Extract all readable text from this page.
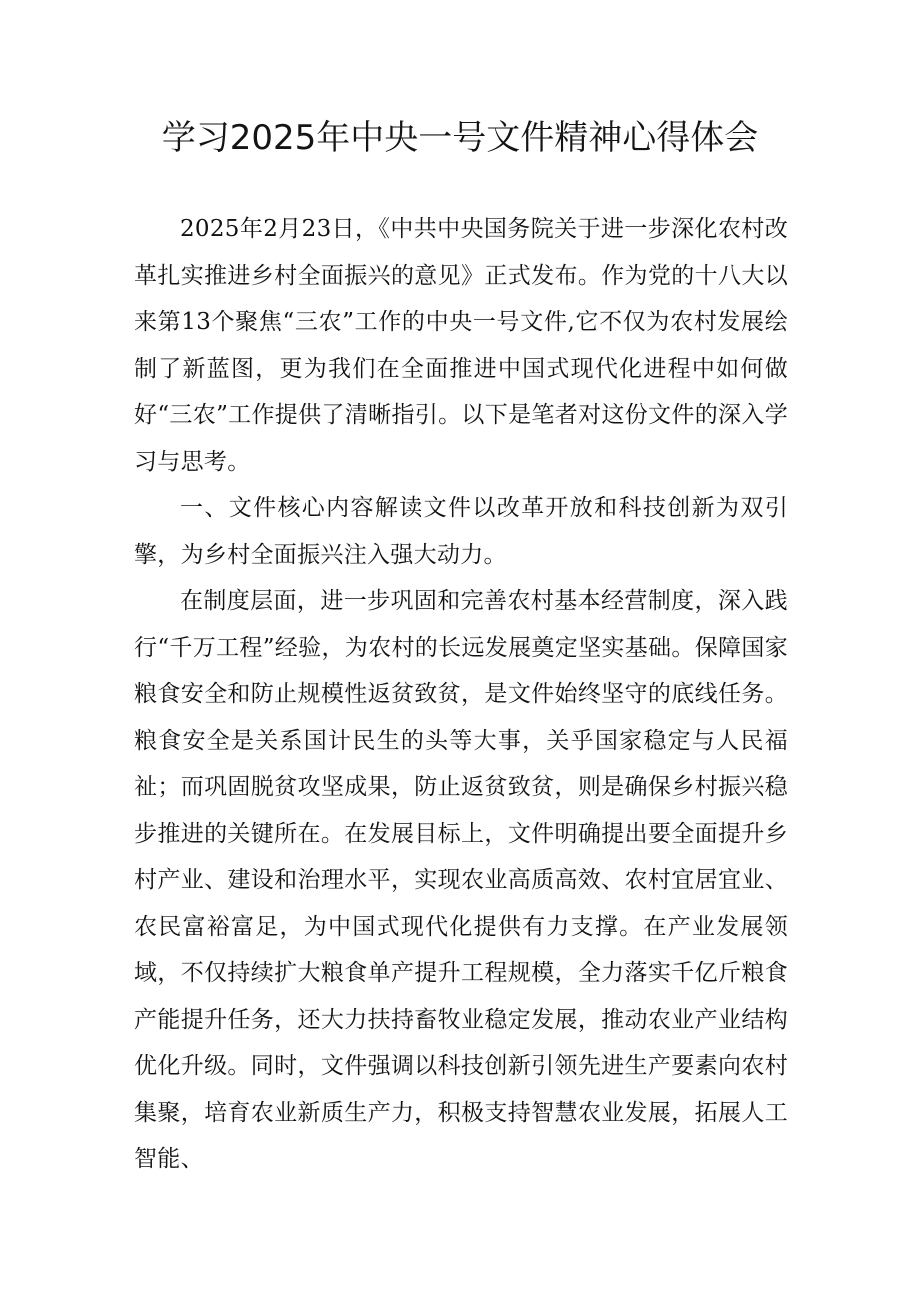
学习2025年中央一号文件精神心得体会

2025年2月23日，《中共中央国务院关于进一步深化农村改革扎实推进乡村全面振兴的意见》正式发布。作为党的十八大以来第13个聚焦“三农”工作的中央一号文件,它不仅为农村发展绘制了新蓝图，更为我们在全面推进中国式现代化进程中如何做好“三农”工作提供了清晰指引。以下是笔者对这份文件的深入学习与思考。

一、文件核心内容解读文件以改革开放和科技创新为双引擎，为乡村全面振兴注入强大动力。

在制度层面，进一步巩固和完善农村基本经营制度，深入践行“千万工程”经验，为农村的长远发展奠定坚实基础。保障国家粮食安全和防止规模性返贫致贫，是文件始终坚守的底线任务。粮食安全是关系国计民生的头等大事，关乎国家稳定与人民福祉；而巩固脱贫攻坚成果，防止返贫致贫，则是确保乡村振兴稳步推进的关键所在。在发展目标上，文件明确提出要全面提升乡村产业、建设和治理水平，实现农业高质高效、农村宜居宜业、农民富裕富足，为中国式现代化提供有力支撑。在产业发展领域，不仅持续扩大粮食单产提升工程规模，全力落实千亿斤粮食产能提升任务，还大力扶持畜牧业稳定发展，推动农业产业结构优化升级。同时，文件强调以科技创新引领先进生产要素向农村集聚，培育农业新质生产力，积极支持智慧农业发展，拓展人工智能、
